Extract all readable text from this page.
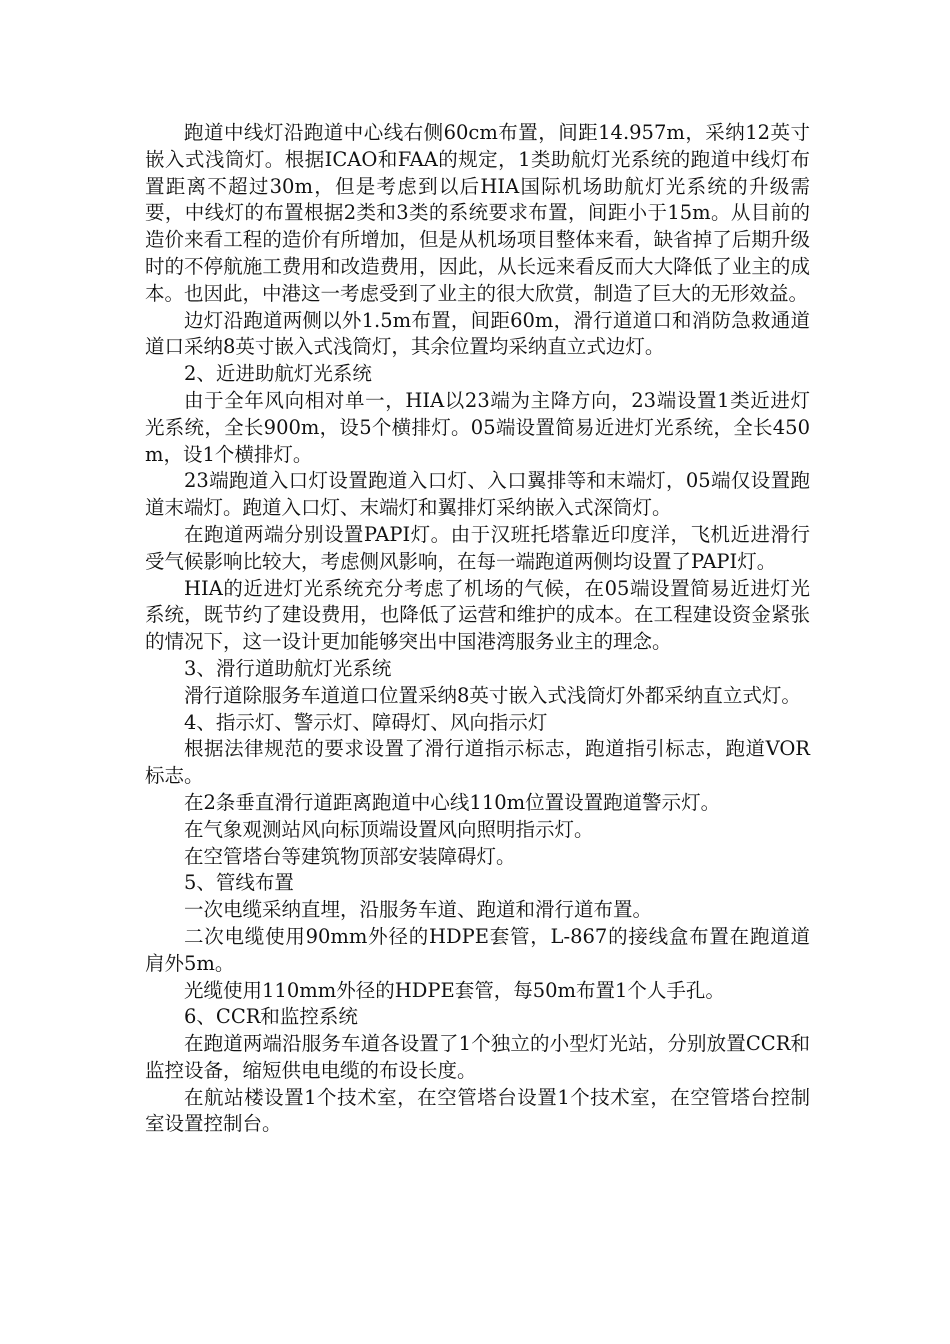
跑道中线灯沿跑道中心线右侧60cm布置，间距14.957m，采纳12英寸嵌入式浅筒灯。根据ICAO和FAA的规定，1类助航灯光系统的跑道中线灯布置距离不超过30m，但是考虑到以后HIA国际机场助航灯光系统的升级需要，中线灯的布置根据2类和3类的系统要求布置，间距小于15m。从目前的造价来看工程的造价有所增加，但是从机场项目整体来看，缺省掉了后期升级时的不停航施工费用和改造费用，因此，从长远来看反而大大降低了业主的成本。也因此，中港这一考虑受到了业主的很大欣赏，制造了巨大的无形效益。

边灯沿跑道两侧以外1.5m布置，间距60m，滑行道道口和消防急救通道道口采纳8英寸嵌入式浅筒灯，其余位置均采纳直立式边灯。

2、近进助航灯光系统

由于全年风向相对单一，HIA以23端为主降方向，23端设置1类近进灯光系统，全长900m，设5个横排灯。05端设置简易近进灯光系统，全长450m，设1个横排灯。

23端跑道入口灯设置跑道入口灯、入口翼排等和末端灯，05端仅设置跑道末端灯。跑道入口灯、末端灯和翼排灯采纳嵌入式深筒灯。

在跑道两端分别设置PAPI灯。由于汉班托塔靠近印度洋，飞机近进滑行受气候影响比较大，考虑侧风影响，在每一端跑道两侧均设置了PAPI灯。

HIA的近进灯光系统充分考虑了机场的气候，在05端设置简易近进灯光系统，既节约了建设费用，也降低了运营和维护的成本。在工程建设资金紧张的情况下，这一设计更加能够突出中国港湾服务业主的理念。

3、滑行道助航灯光系统

滑行道除服务车道道口位置采纳8英寸嵌入式浅筒灯外都采纳直立式灯。

4、指示灯、警示灯、障碍灯、风向指示灯

根据法律规范的要求设置了滑行道指示标志，跑道指引标志，跑道VOR标志。

在2条垂直滑行道距离跑道中心线110m位置设置跑道警示灯。

在气象观测站风向标顶端设置风向照明指示灯。

在空管塔台等建筑物顶部安装障碍灯。

5、管线布置

一次电缆采纳直埋，沿服务车道、跑道和滑行道布置。

二次电缆使用90mm外径的HDPE套管，L-867的接线盒布置在跑道道肩外5m。

光缆使用110mm外径的HDPE套管，每50m布置1个人手孔。

6、CCR和监控系统

在跑道两端沿服务车道各设置了1个独立的小型灯光站，分别放置CCR和监控设备，缩短供电电缆的布设长度。

在航站楼设置1个技术室，在空管塔台设置1个技术室，在空管塔台控制室设置控制台。
